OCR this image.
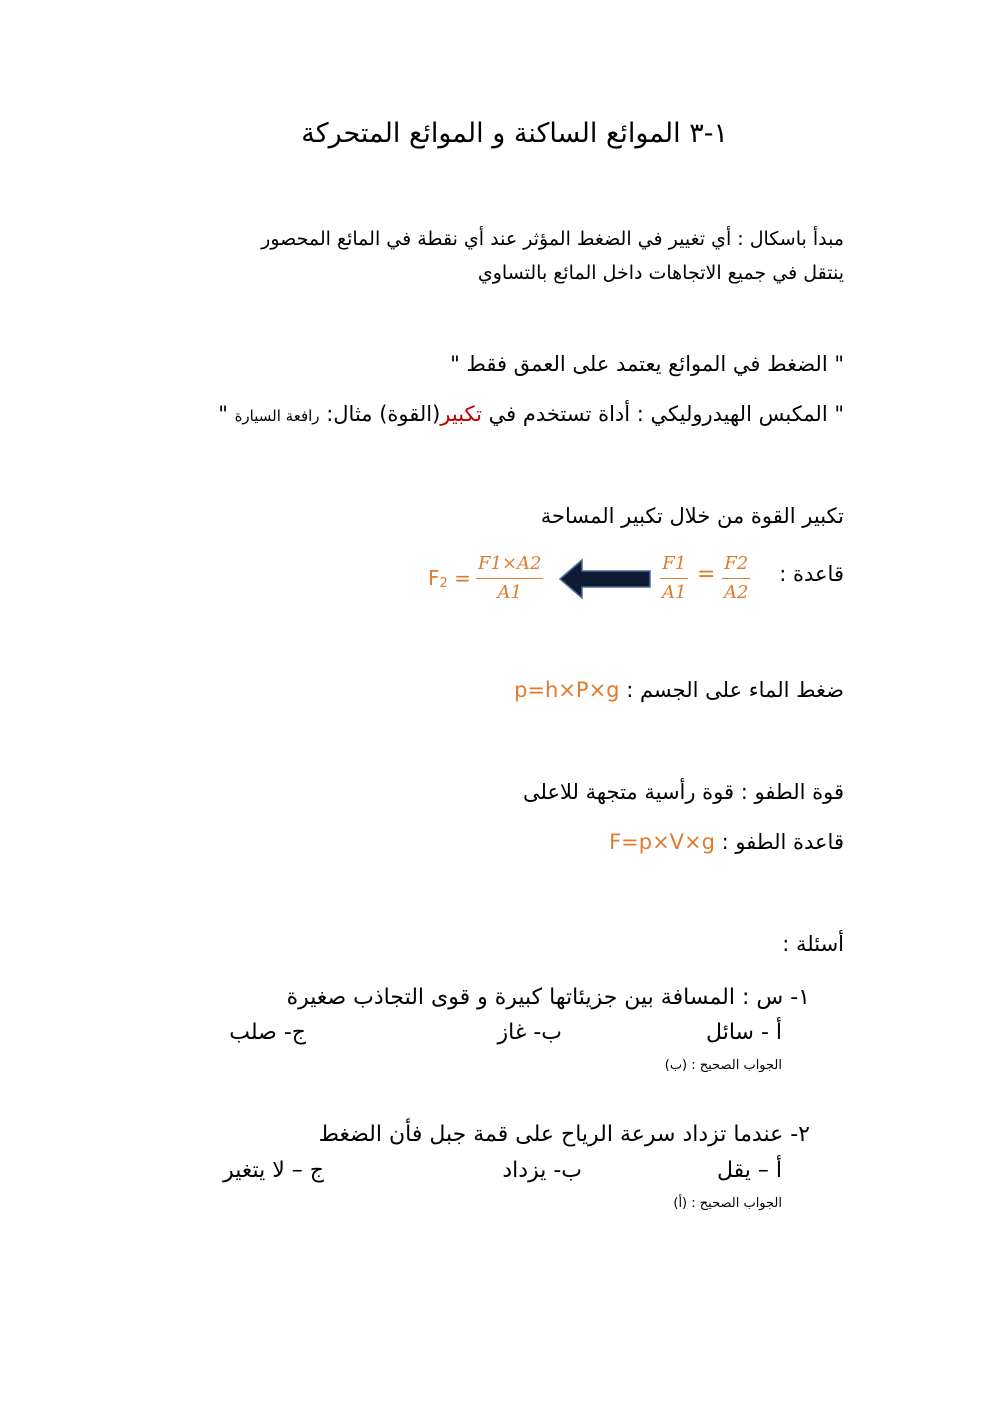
١-٣ الموائع الساكنة و الموائع المتحركة
مبدأ باسكال : أي تغيير في الضغط المؤثر عند أي نقطة في المائع المحصور
ينتقل في جميع الاتجاهات داخل المائع بالتساوي
" الضغط في الموائع يعتمد على العمق فقط "
" المكبس الهيدروليكي : أداة تستخدم في تكبير(القوة) مثال: رافعة السيارة "
تكبير القوة من خلال تكبير المساحة
قاعدة :
F2
A2
=
F1
A1
F1×A2
A1
$F_2$ =
ضغط الماء على الجسم : p=h×P×g
قوة الطفو : قوة رأسية متجهة للاعلى
قاعدة الطفو : F=p×V×g
أسئلة :
١- س : المسافة بين جزيئاتها كبيرة و قوى التجاذب صغيرة
أ - سائل
ب- غاز
ج- صلب
الجواب الصحيح : (ب)
٢- عندما تزداد سرعة الرياح على قمة جبل فأن الضغط
أ – يقل
ب- يزداد
ج – لا يتغير
الجواب الصحيح : (أ)
